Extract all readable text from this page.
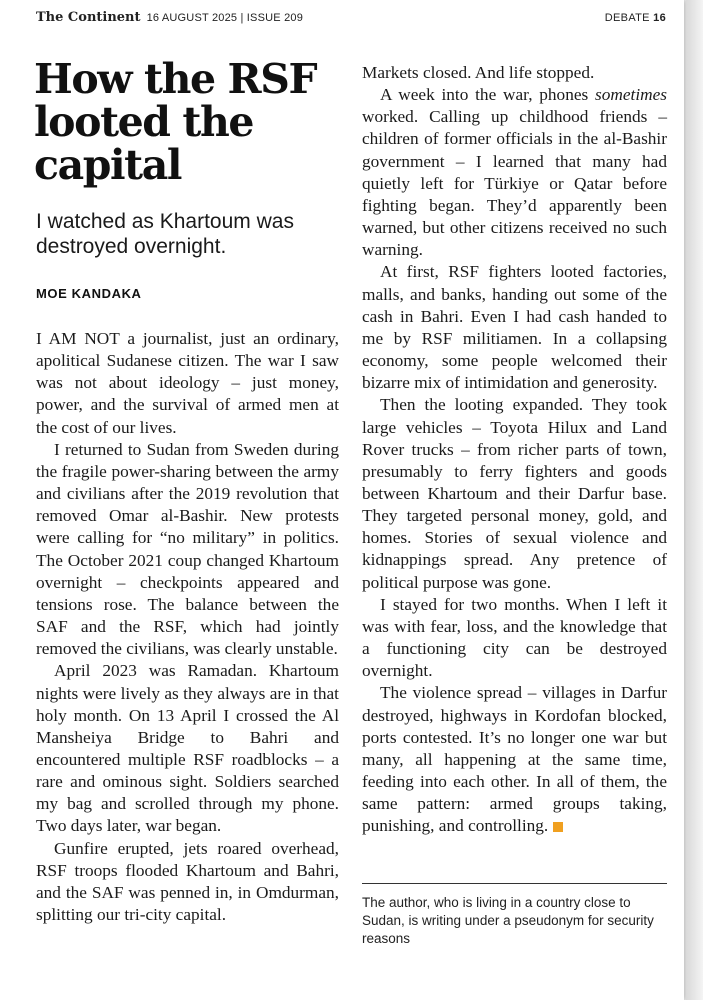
The Continent 16 AUGUST 2025 | ISSUE 209	DEBATE 16
How the RSF looted the capital
I watched as Khartoum was destroyed overnight.
MOE KANDAKA

I AM NOT a journalist, just an ordinary, apolitical Sudanese citizen. The war I saw was not about ideology – just money, power, and the survival of armed men at the cost of our lives.

I returned to Sudan from Sweden during the fragile power-sharing between the army and civilians after the 2019 revolution that removed Omar al-Bashir. New protests were calling for “no military” in politics. The October 2021 coup changed Khartoum overnight – checkpoints appeared and tensions rose. The balance between the SAF and the RSF, which had jointly removed the civilians, was clearly unstable.

April 2023 was Ramadan. Khartoum nights were lively as they always are in that holy month. On 13 April I crossed the Al Mansheiya Bridge to Bahri and encountered multiple RSF roadblocks – a rare and ominous sight. Soldiers searched my bag and scrolled through my phone. Two days later, war began.

Gunfire erupted, jets roared overhead, RSF troops flooded Khartoum and Bahri, and the SAF was penned in, in Omdurman, splitting our tri-city capital.

Markets closed. And life stopped.

A week into the war, phones sometimes worked. Calling up childhood friends – children of former officials in the al-Bashir government – I learned that many had quietly left for Türkiye or Qatar before fighting began. They’d apparently been warned, but other citizens received no such warning.

At first, RSF fighters looted factories, malls, and banks, handing out some of the cash in Bahri. Even I had cash handed to me by RSF militiamen. In a collapsing economy, some people welcomed their bizarre mix of intimidation and generosity.

Then the looting expanded. They took large vehicles – Toyota Hilux and Land Rover trucks – from richer parts of town, presumably to ferry fighters and goods between Khartoum and their Darfur base. They targeted personal money, gold, and homes. Stories of sexual violence and kidnappings spread. Any pretence of political purpose was gone.

I stayed for two months. When I left it was with fear, loss, and the knowledge that a functioning city can be destroyed overnight.

The violence spread – villages in Darfur destroyed, highways in Kordofan blocked, ports contested. It’s no longer one war but many, all happening at the same time, feeding into each other. In all of them, the same pattern: armed groups taking, punishing, and controlling.

The author, who is living in a country close to Sudan, is writing under a pseudonym for security reasons
